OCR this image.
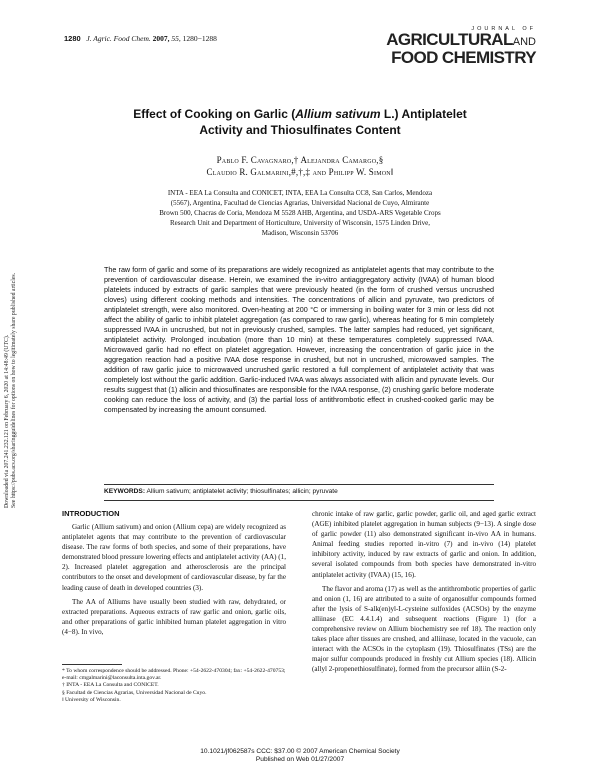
1280 J. Agric. Food Chem. 2007, 55, 1280−1288
JOURNAL OF
AGRICULTURALAND
FOOD CHEMISTRY
Effect of Cooking on Garlic (Allium sativum L.) Antiplatelet
Activity and Thiosulfinates Content
Pablo F. Cavagnaro,† Alejandra Camargo,§
Claudio R. Galmarini,#,†,‡ and Philipp W. Simon‖
INTA - EEA La Consulta and CONICET, INTA, EEA La Consulta CC8, San Carlos, Mendoza
(5567), Argentina, Facultad de Ciencias Agrarias, Universidad Nacional de Cuyo, Almirante
Brown 500, Chacras de Coria, Mendoza M 5528 AHB, Argentina, and USDA-ARS Vegetable Crops
Research Unit and Department of Horticulture, University of Wisconsin, 1575 Linden Drive,
Madison, Wisconsin 53706
The raw form of garlic and some of its preparations are widely recognized as antiplatelet agents that may contribute to the prevention of cardiovascular disease. Herein, we examined the in-vitro antiaggregatory activity (IVAA) of human blood platelets induced by extracts of garlic samples that were previously heated (in the form of crushed versus uncrushed cloves) using different cooking methods and intensities. The concentrations of allicin and pyruvate, two predictors of antiplatelet strength, were also monitored. Oven-heating at 200 °C or immersing in boiling water for 3 min or less did not affect the ability of garlic to inhibit platelet aggregation (as compared to raw garlic), whereas heating for 6 min completely suppressed IVAA in uncrushed, but not in previously crushed, samples. The latter samples had reduced, yet significant, antiplatelet activity. Prolonged incubation (more than 10 min) at these temperatures completely suppressed IVAA. Microwaved garlic had no effect on platelet aggregation. However, increasing the concentration of garlic juice in the aggregation reaction had a positive IVAA dose response in crushed, but not in uncrushed, microwaved samples. The addition of raw garlic juice to microwaved uncrushed garlic restored a full complement of antiplatelet activity that was completely lost without the garlic addition. Garlic-induced IVAA was always associated with allicin and pyruvate levels. Our results suggest that (1) allicin and thiosulfinates are responsible for the IVAA response, (2) crushing garlic before moderate cooking can reduce the loss of activity, and (3) the partial loss of antithrombotic effect in crushed-cooked garlic may be compensated by increasing the amount consumed.
KEYWORDS: Allium sativum; antiplatelet activity; thiosulfinates; allicin; pyruvate
INTRODUCTION

Garlic (Allium sativum) and onion (Allium cepa) are widely recognized as antiplatelet agents that may contribute to the prevention of cardiovascular disease. The raw forms of both species, and some of their preparations, have demonstrated blood pressure lowering effects and antiplatelet activity (AA) (1, 2). Increased platelet aggregation and atherosclerosis are the principal contributors to the onset and development of cardiovascular disease, by far the leading cause of death in developed countries (3).

The AA of Alliums have usually been studied with raw, dehydrated, or extracted preparations. Aqueous extracts of raw garlic and onion, garlic oils, and other preparations of garlic inhibited human platelet aggregation in vitro (4−8). In vivo,

* To whom correspondence should be addressed. Phone: +54-2622-470304; fax: +54-2622-470753; e-mail: cmgalmarini@laconsulta.inta.gov.ar.
† INTA - EEA La Consulta and CONICET.
§ Facultad de Ciencias Agrarias, Universidad Nacional de Cuyo.
‖ University of Wisconsin.

chronic intake of raw garlic, garlic powder, garlic oil, and aged garlic extract (AGE) inhibited platelet aggregation in human subjects (9−13). A single dose of garlic powder (11) also demonstrated significant in-vivo AA in humans. Animal feeding studies reported in-vitro (7) and in-vivo (14) platelet inhibitory activity, induced by raw extracts of garlic and onion. In addition, several isolated compounds from both species have demonstrated in-vitro antiplatelet activity (IVAA) (15, 16).

The flavor and aroma (17) as well as the antithrombotic properties of garlic and onion (1, 16) are attributed to a suite of organosulfur compounds formed after the lysis of S-alk(en)yl-L-cysteine sulfoxides (ACSOs) by the enzyme alliinase (EC 4.4.1.4) and subsequent reactions (Figure 1) (for a comprehensive review on Allium biochemistry see ref 18). The reaction only takes place after tissues are crushed, and alliinase, located in the vacuole, can interact with the ACSOs in the cytoplasm (19). Thiosulfinates (TSs) are the major sulfur compounds produced in freshly cut Allium species (18). Allicin (allyl 2-propenethiosulfinate), formed from the precursor alliin (S-2-

Downloaded via 207.241.232.121 on February 6, 2020 at 14:48:49 (UTC). See https://pubs.acs.org/sharingguidelines for options on how to legitimately share published articles.
10.1021/jf062587s CCC: $37.00 © 2007 American Chemical Society
Published on Web 01/27/2007
